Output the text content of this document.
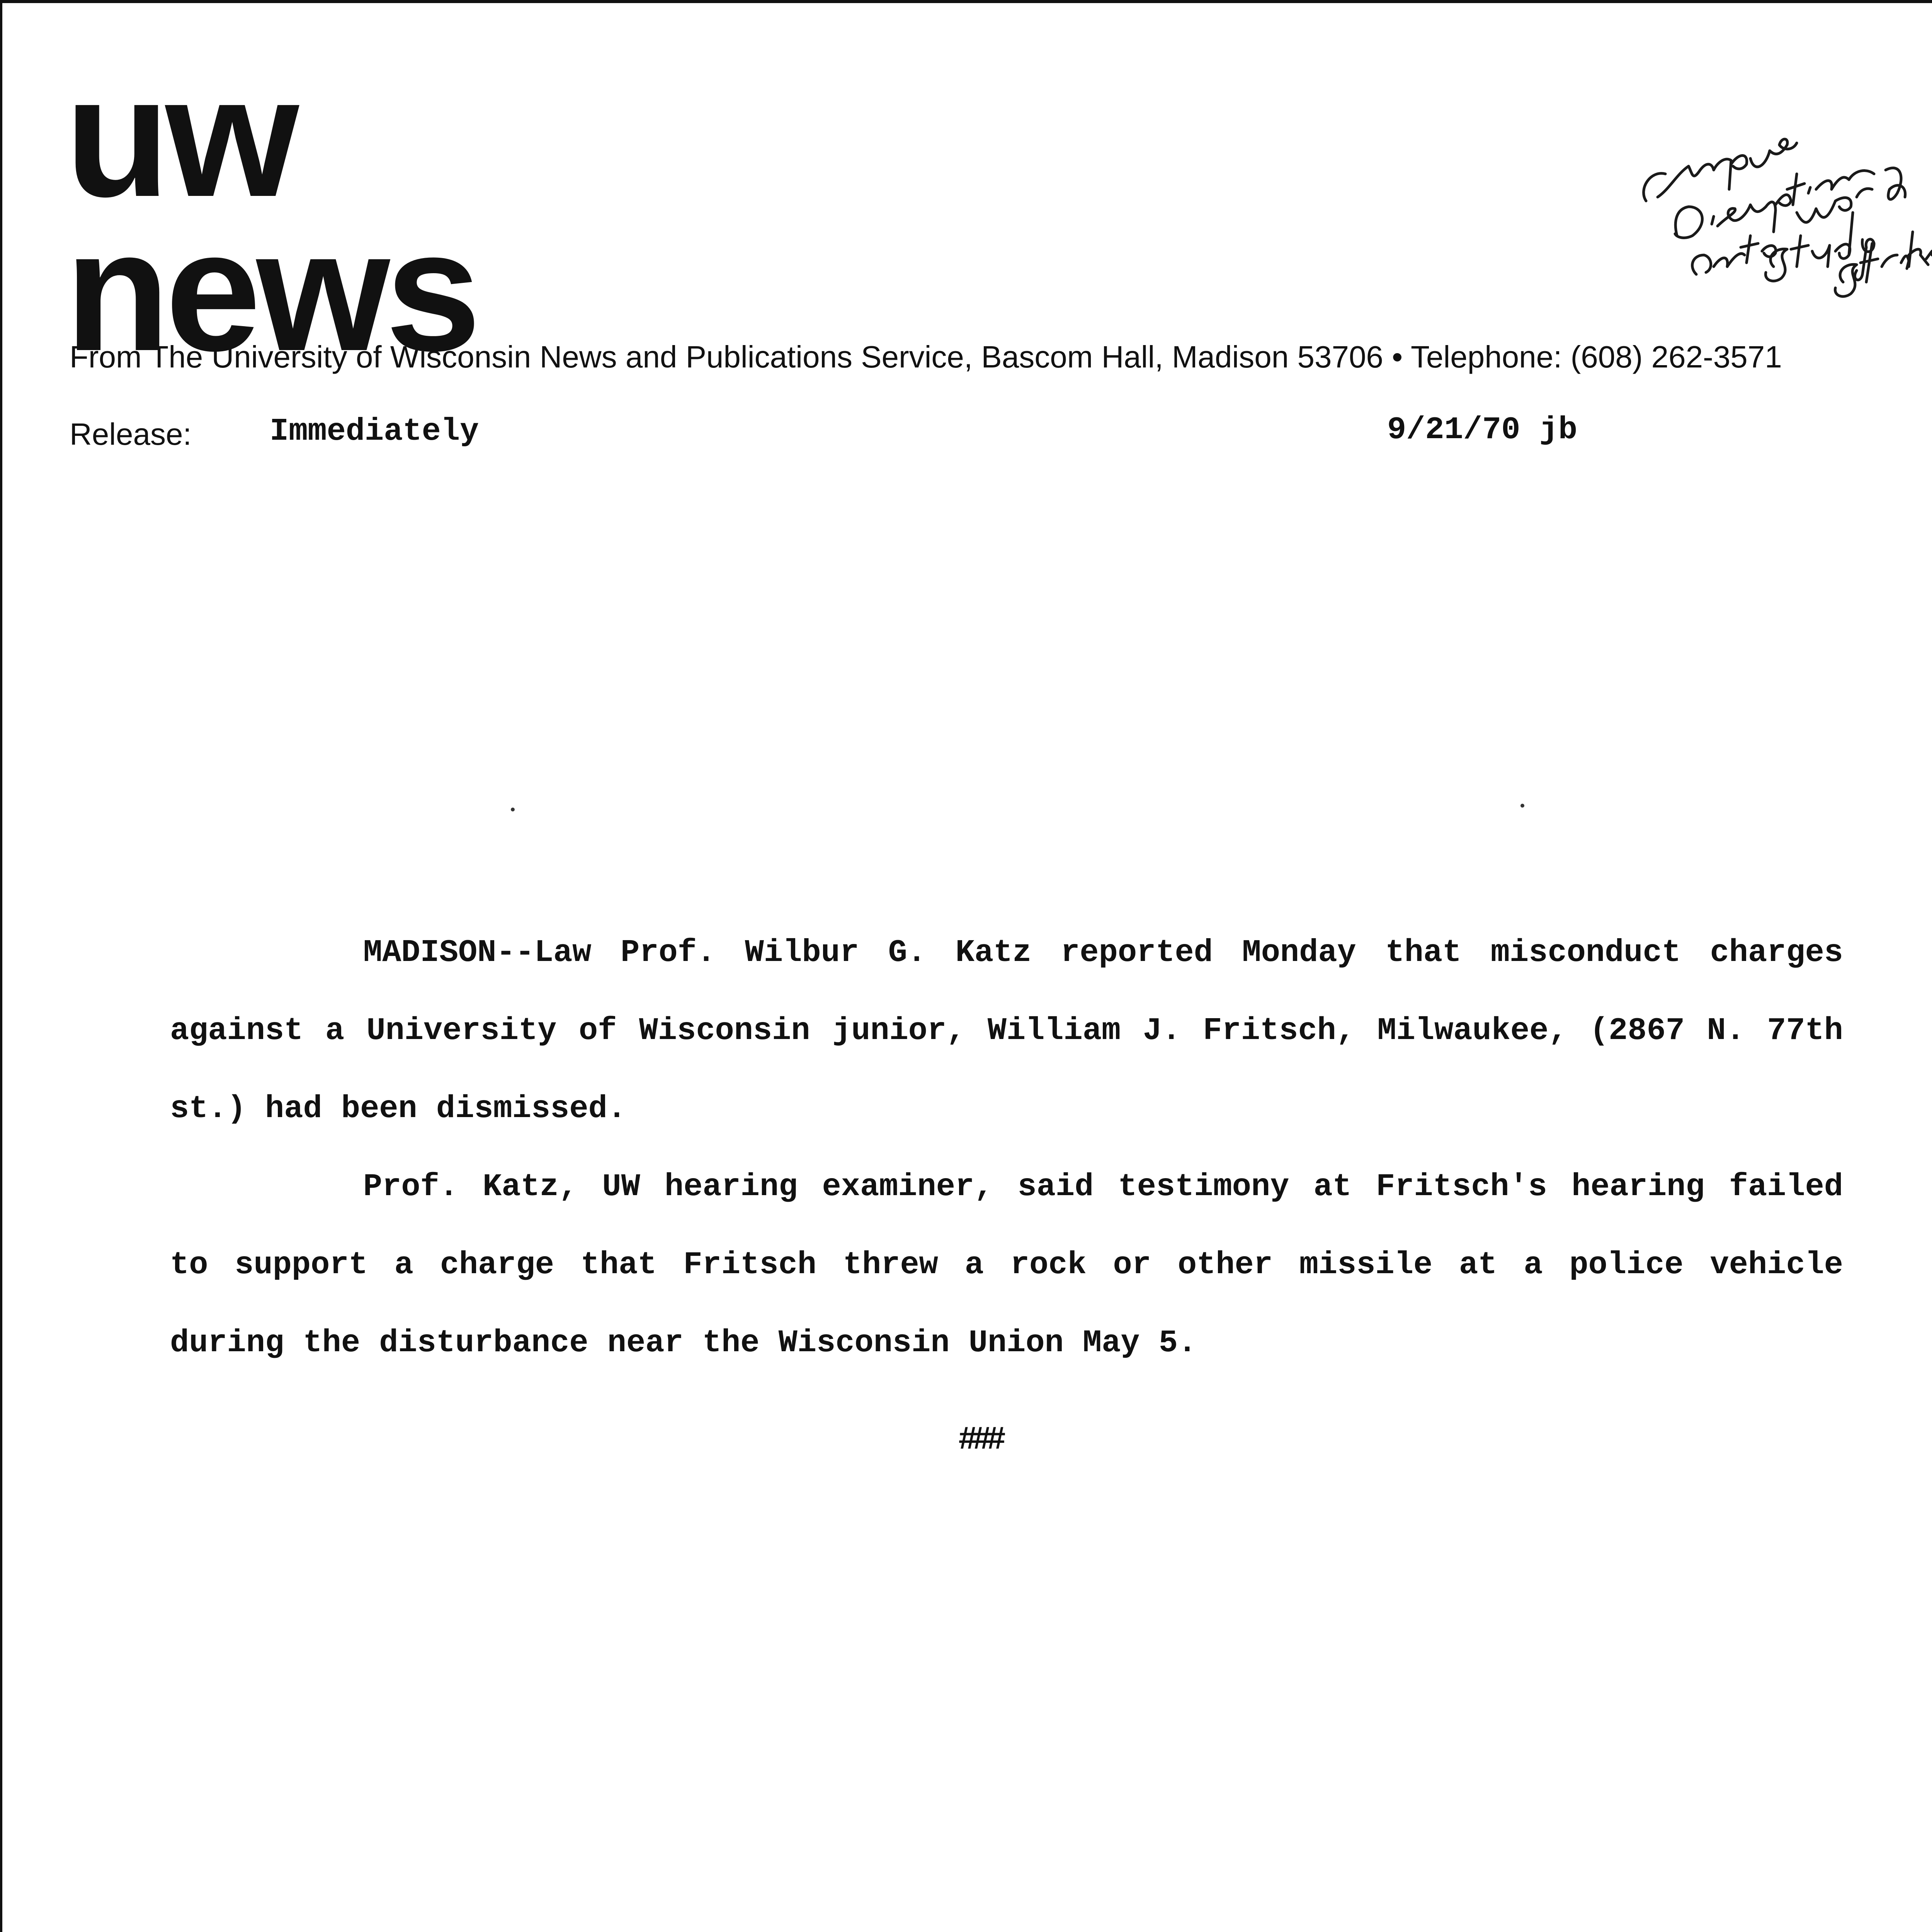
uw
news
From The University of Wisconsin News and Publications Service, Bascom Hall, Madison 53706 • Telephone: (608) 262-3571
Release: Immediately	9/21/70 jb

MADISON--Law Prof. Wilbur G. Katz reported Monday that misconduct charges against a University of Wisconsin junior, William J. Fritsch, Milwaukee, (2867 N. 77th st.) had been dismissed.

Prof. Katz, UW hearing examiner, said testimony at Fritsch's hearing failed to support a charge that Fritsch threw a rock or other missile at a police vehicle during the disturbance near the Wisconsin Union May 5.

###
